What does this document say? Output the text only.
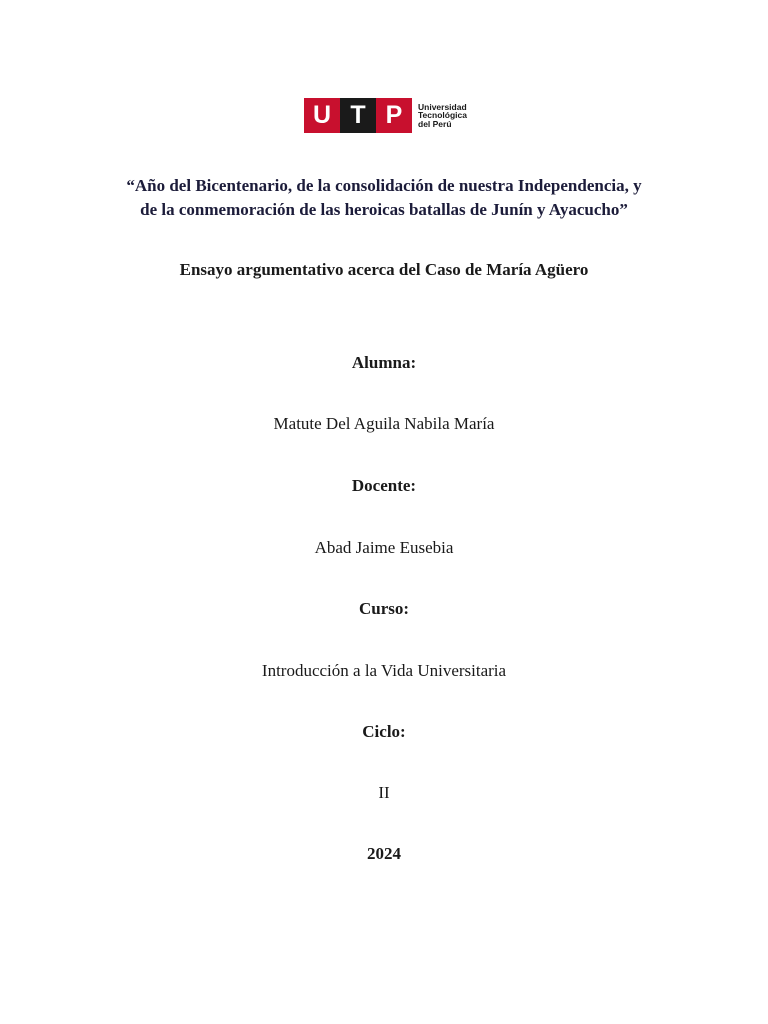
U T P	Universidad
Tecnológica
del Perú
“Año del Bicentenario, de la consolidación de nuestra Independencia, y
de la conmemoración de las heroicas batallas de Junín y Ayacucho”
Ensayo argumentativo acerca del Caso de María Agüero
Alumna:
Matute Del Aguila Nabila María
Docente:
Abad Jaime Eusebia
Curso:
Introducción a la Vida Universitaria
Ciclo:
II
2024
